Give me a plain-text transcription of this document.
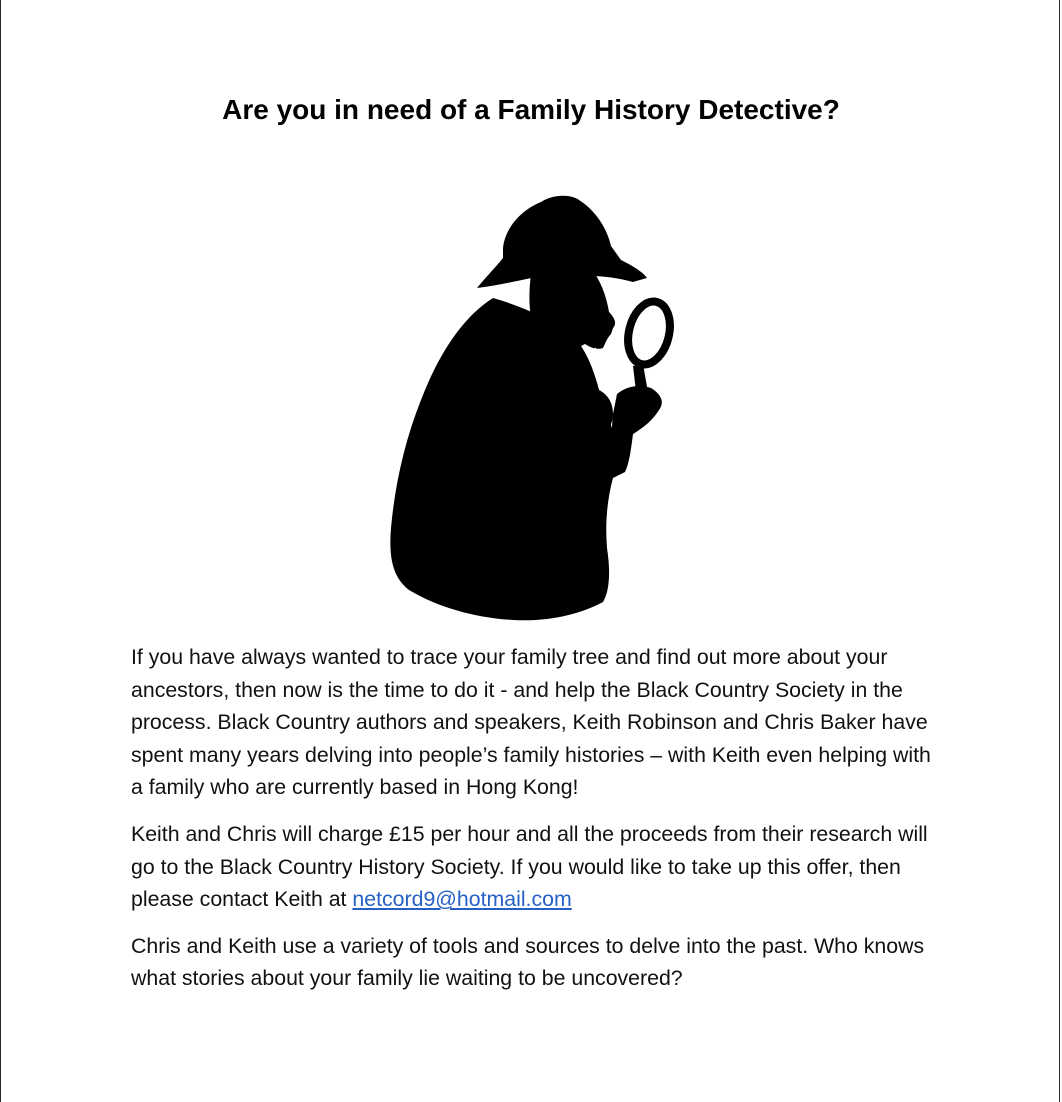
Are you in need of a Family History Detective?

If you have always wanted to trace your family tree and find out more about your ancestors, then now is the time to do it - and help the Black Country Society in the process. Black Country authors and speakers, Keith Robinson and Chris Baker have spent many years delving into people’s family histories – with Keith even helping with a family who are currently based in Hong Kong!

Keith and Chris will charge £15 per hour and all the proceeds from their research will go to the Black Country History Society. If you would like to take up this offer, then please contact Keith at netcord9@hotmail.com

Chris and Keith use a variety of tools and sources to delve into the past. Who knows what stories about your family lie waiting to be uncovered?
